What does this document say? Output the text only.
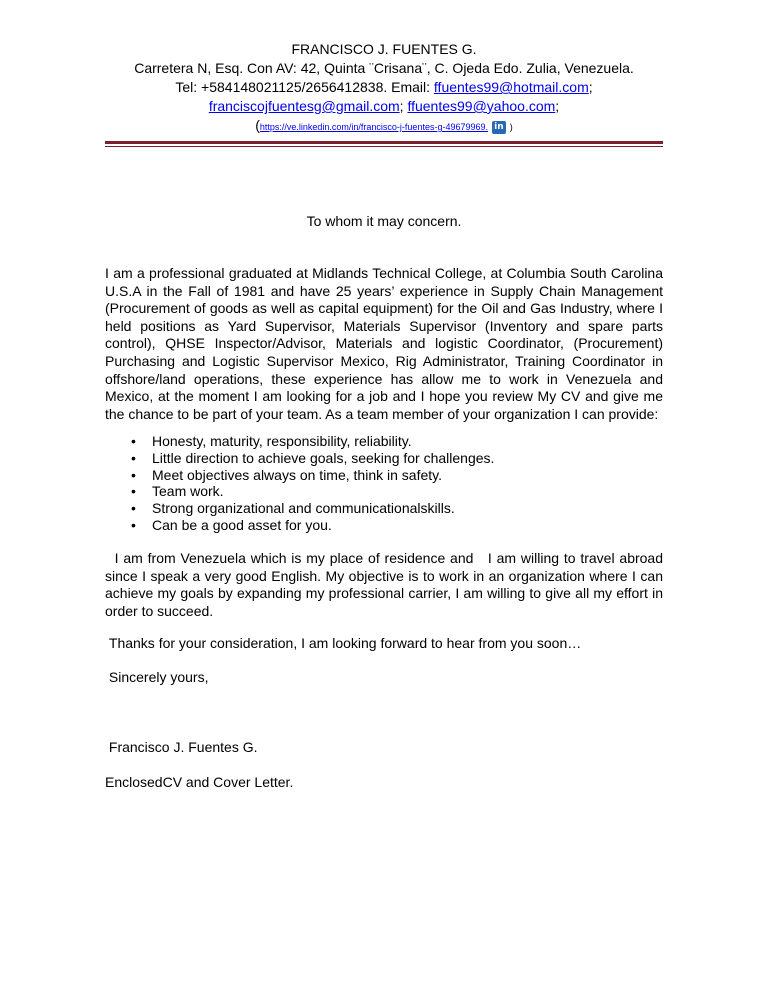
FRANCISCO J. FUENTES G.
Carretera N, Esq. Con AV: 42, Quinta ¨Crisana¨, C. Ojeda Edo. Zulia, Venezuela.
Tel: +584148021125/2656412838. Email: ffuentes99@hotmail.com;
franciscojfuentesg@gmail.com; ffuentes99@yahoo.com;
(https://ve.linkedin.com/in/francisco-j-fuentes-g-49679969. in )
To whom it may concern.
I am a professional graduated at Midlands Technical College, at Columbia South Carolina U.S.A in the Fall of 1981 and have 25 years’ experience in Supply Chain Management (Procurement of goods as well as capital equipment) for the Oil and Gas Industry, where I held positions as Yard Supervisor, Materials Supervisor (Inventory and spare parts control), QHSE Inspector/Advisor, Materials and logistic Coordinator, (Procurement) Purchasing and Logistic Supervisor Mexico, Rig Administrator, Training Coordinator in offshore/land operations, these experience has allow me to work in Venezuela and Mexico, at the moment I am looking for a job and I hope you review My CV and give me the chance to be part of your team. As a team member of your organization I can provide:
• Honesty, maturity, responsibility, reliability.
• Little direction to achieve goals, seeking for challenges.
• Meet objectives always on time, think in safety.
• Team work.
• Strong organizational and communicationalskills.
• Can be a good asset for you.
I am from Venezuela which is my place of residence and   I am willing to travel abroad since I speak a very good English. My objective is to work in an organization where I can achieve my goals by expanding my professional carrier, I am willing to give all my effort in order to succeed.
Thanks for your consideration, I am looking forward to hear from you soon…
Sincerely yours,
Francisco J. Fuentes G.
EnclosedCV and Cover Letter.
